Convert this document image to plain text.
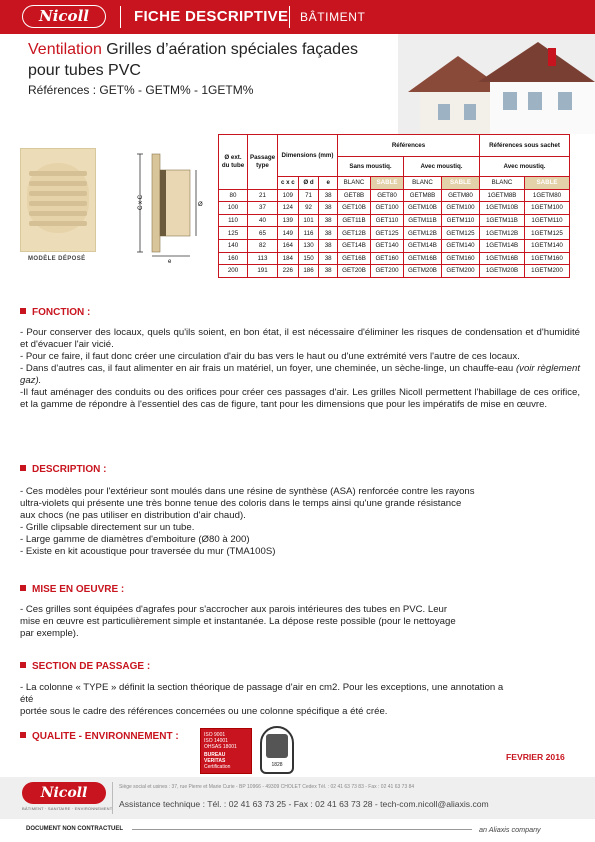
Nicoll	FICHE DESCRIPTIVE BÂTIMENT
Ventilation Grilles d’aération spéciales façades
pour tubes PVC
Références : GET% - GETM% - 1GETM%
MODÈLE DÉPOSÉ
C x C	Ø
e
Ø ext. du tube	Passage type	Dimensions (mm)			Références				Références sous sachet	
					Sans moustiq.		Avec moustiq.		Avec moustiq.	
		c x c	Ø d	e	BLANC	SABLE	BLANC	SABLE	BLANC	SABLE
80	21	109	71	38	GET8B	GET80	GETM8B	GETM80	1GETM8B	1GETM80
100	37	124	92	38	GET10B	GET100	GETM10B	GETM100	1GETM10B	1GETM100
110	40	139	101	38	GET11B	GET110	GETM11B	GETM110	1GETM11B	1GETM110
125	65	149	116	38	GET12B	GET125	GETM12B	GETM125	1GETM12B	1GETM125
140	82	164	130	38	GET14B	GET140	GETM14B	GETM140	1GETM14B	1GETM140
160	113	184	150	38	GET16B	GET160	GETM16B	GETM160	1GETM16B	1GETM160
200	191	226	186	38	GET20B	GET200	GETM20B	GETM200	1GETM20B	1GETM200
FONCTION :

- Pour conserver des locaux, quels qu'ils soient, en bon état, il est nécessaire d'éliminer les risques de condensation et d'humidité et d'évacuer l'air vicié.

- Pour ce faire, il faut donc créer une circulation d'air du bas vers le haut ou d'une extrémité vers l'autre de ces locaux.

- Dans d'autres cas, il faut alimenter en air frais un matériel, un foyer, une cheminée, un sèche-linge, un chauffe-eau (voir règlement gaz).

-Il faut aménager des conduits ou des orifices pour créer ces passages d'air. Les grilles Nicoll permettent l'habillage de ces orifice, et la gamme de répondre à l'essentiel des cas de figure, tant pour les dimensions que pour les impératifs de mise en œuvre.

DESCRIPTION :

- Ces modèles pour l'extérieur sont moulés dans une résine de synthèse (ASA) renforcée contre les rayons

ultra-violets qui présente une très bonne tenue des coloris dans le temps ainsi qu'une grande résistance

aux chocs (ne pas utiliser en distribution d'air chaud).

- Grille clipsable directement sur un tube.

- Large gamme de diamètres d'emboiture (Ø80 à 200)

- Existe en kit acoustique pour traversée du mur (TMA100S)

MISE EN OEUVRE :

- Ces grilles sont équipées d'agrafes pour s'accrocher aux parois intérieures des tubes en PVC. Leur

mise en œuvre est particulièrement simple et instantanée. La dépose reste possible (pour le nettoyage

par exemple).

SECTION DE PASSAGE :

- La colonne « TYPE » définit la section théorique de passage d'air en cm2. Pour les exceptions, une annotation a

été

portée sous le cadre des références concernées ou une colonne spécifique a été crée.

QUALITE - ENVIRONNEMENT :	ISO 9001
ISO 14001
OHSAS 18001
BUREAU VERITAS
Certification	1828
FEVRIER 2016
Nicoll
BÂTIMENT · SANITAIRE · ENVIRONNEMENT
Siège social et usines : 37, rue Pierre et Marie Curie - BP 10966 - 49309 CHOLET Cedex Tél. : 02 41 63 73 83 - Fax : 02 41 63 73 84
Assistance technique : Tél. : 02 41 63 73 25 - Fax : 02 41 63 73 28 - tech-com.nicoll@aliaxis.com
DOCUMENT NON CONTRACTUEL	an Aliaxis company
